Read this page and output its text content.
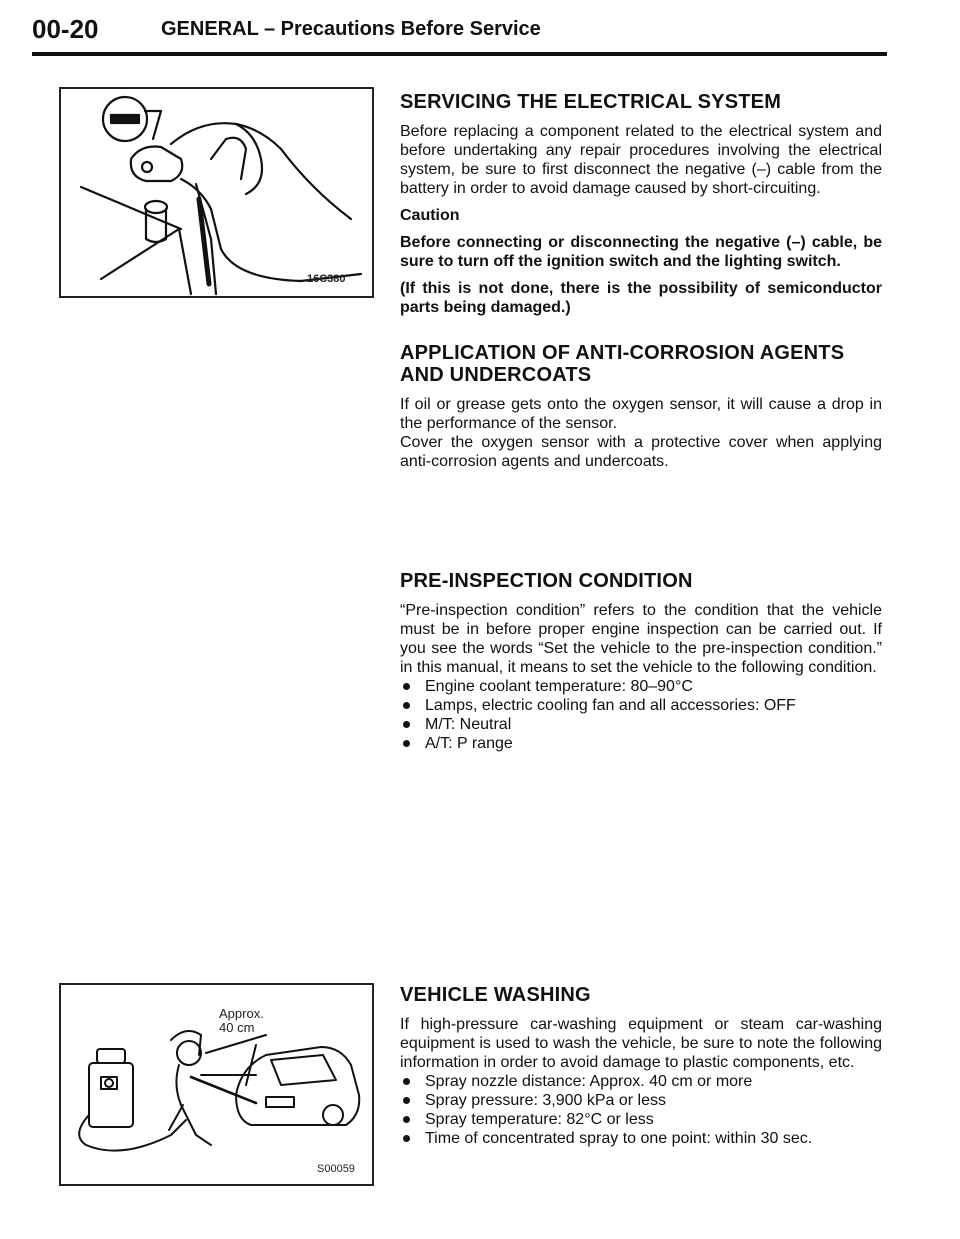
00-20	GENERAL – Precautions Before Service
16C380
SERVICING THE ELECTRICAL SYSTEM

Before replacing a component related to the electrical system and before undertaking any repair procedures involving the electrical system, be sure to first disconnect the negative (–) cable from the battery in order to avoid damage caused by short-circuiting.

Caution

Before connecting or disconnecting the negative (–) cable, be sure to turn off the ignition switch and the lighting switch.

(If this is not done, there is the possibility of semiconductor parts being damaged.)

APPLICATION OF ANTI-CORROSION AGENTS AND UNDERCOATS

If oil or grease gets onto the oxygen sensor, it will cause a drop in the performance of the sensor.

Cover the oxygen sensor with a protective cover when applying anti-corrosion agents and undercoats.

PRE-INSPECTION CONDITION

“Pre-inspection condition” refers to the condition that the vehicle must be in before proper engine inspection can be carried out. If you see the words “Set the vehicle to the pre-inspection condition.” in this manual, it means to set the vehicle to the following condition.

Engine coolant temperature: 80–90°C
Lamps, electric cooling fan and all accessories: OFF
M/T: Neutral
A/T: P range
Approx.
40 cm
S00059
VEHICLE WASHING

If high-pressure car-washing equipment or steam car-washing equipment is used to wash the vehicle, be sure to note the following information in order to avoid damage to plastic components, etc.

Spray nozzle distance: Approx. 40 cm or more
Spray pressure: 3,900 kPa or less
Spray temperature: 82°C or less
Time of concentrated spray to one point: within 30 sec.
